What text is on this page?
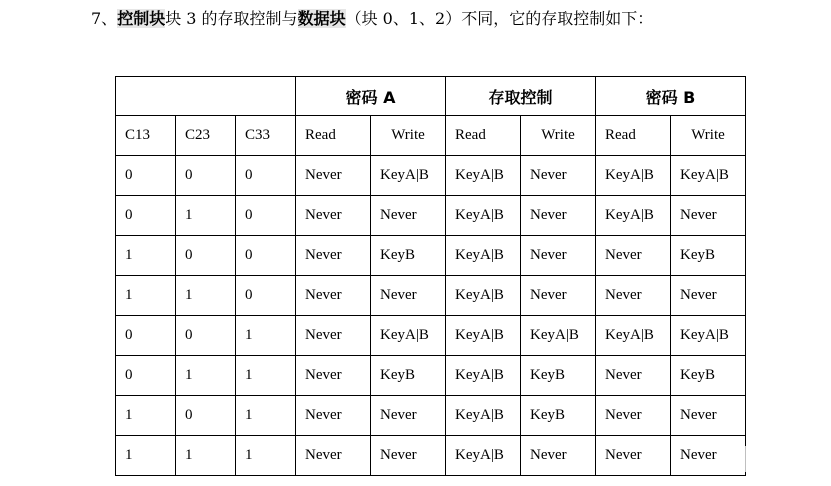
7、控制块块 3 的存取控制与数据块（块 0、1、2）不同，它的存取控制如下：
			密码 A		存取控制		密码 B	
C13	C23	C33	Read	Write	Read	Write	Read	Write
0	0	0	Never	KeyA|B	KeyA|B	Never	KeyA|B	KeyA|B
0	1	0	Never	Never	KeyA|B	Never	KeyA|B	Never
1	0	0	Never	KeyB	KeyA|B	Never	Never	KeyB
1	1	0	Never	Never	KeyA|B	Never	Never	Never
0	0	1	Never	KeyA|B	KeyA|B	KeyA|B	KeyA|B	KeyA|B
0	1	1	Never	KeyB	KeyA|B	KeyB	Never	KeyB
1	0	1	Never	Never	KeyA|B	KeyB	Never	Never
1	1	1	Never	Never	KeyA|B	Never	Never	Never
